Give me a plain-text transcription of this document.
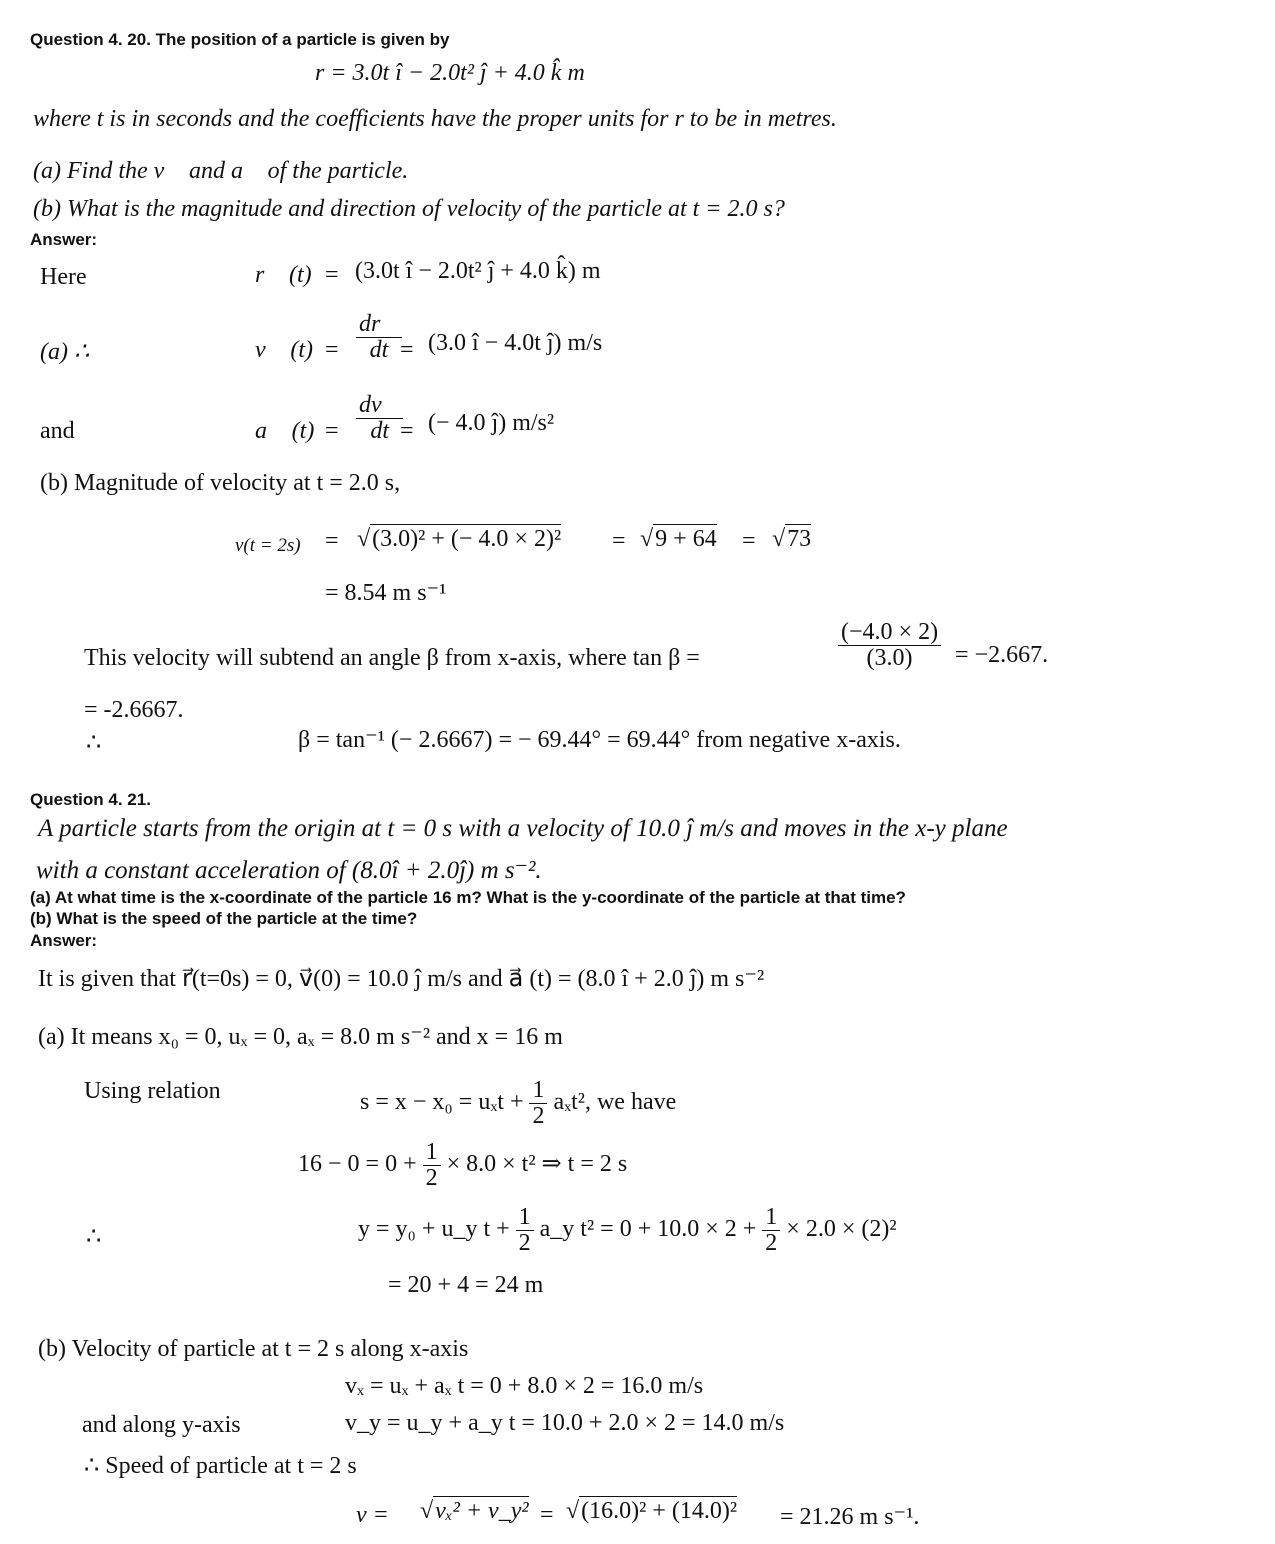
Question 4. 20. The position of a particle is given by
r = 3.0t î − 2.0t² ĵ + 4.0 k̂ m
where t is in seconds and the coefficients have the proper units for r to be in metres.
(a) Find the v⃗ and a⃗ of the particle.
(b) What is the magnitude and direction of velocity of the particle at t = 2.0 s?
Answer:
Here	r⃗ (t) = (3.0t î − 2.0t² ĵ + 4.0 k̂) m
(a) ∴	v⃗ $(t) = \frac{dr⃗}{dt}$
= (3.0 î − 4.0t ĵ) m/s
and	a⃗ $(t) = \frac{dv⃗}{dt}$
= (− 4.0 ĵ) m/s²
(b) Magnitude of velocity at t = 2.0 s,
v(t = 2s) = √(3.0)² + (− 4.0 × 2)² = √9 + 64 = √73
= 8.54 m s⁻¹
This velocity will subtend an angle β from x-axis, where tan β =	$\frac{(-4.0 \times 2)}{(3.0)} = -2.667$.
= -2.6667.
∴	β = tan⁻¹ (− 2.6667) = − 69.44° = 69.44° from negative x-axis.
Question 4. 21.
A particle starts from the origin at t = 0 s with a velocity of 10.0 ĵ m/s and moves in the x-y plane
with a constant acceleration of (8.0î + 2.0ĵ) m s⁻².
(a) At what time is the x-coordinate of the particle 16 m? What is the y-coordinate of the particle at that time?
(b) What is the speed of the particle at the time?
Answer:
It is given that r⃗(t=0s) = 0, v⃗(0) = 10.0 ĵ m/s and a⃗ (t) = (8.0 î + 2.0 ĵ) m s⁻²
(a) It means x₀ = 0, uₓ = 0, aₓ = 8.0 m s⁻² and x = 16 m
Using relation	$s = x - x_0 = u_xt + \frac{1}{2} a_xt^2$, we have
$16 - 0 = 0 + \frac{1}{2} \times 8.0 \times t^2$ ⇒ t = 2 s
∴	y = y₀ + u_y $t + \frac{1}{2}$ a_y $t^2 = 0 + 10.0 \times 2 + \frac{1}{2} \times 2.0 \times (2)^2$
= 20 + 4 = 24 m
(b) Velocity of particle at t = 2 s along x-axis
vₓ = uₓ + aₓ t = 0 + 8.0 × 2 = 16.0 m/s
and along y-axis	v_y = u_y + a_y t = 10.0 + 2.0 × 2 = 14.0 m/s
∴ Speed of particle at t = 2 s
v = √vₓ² + v_y² = √(16.0)² + (14.0)² = 21.26 m s⁻¹.
